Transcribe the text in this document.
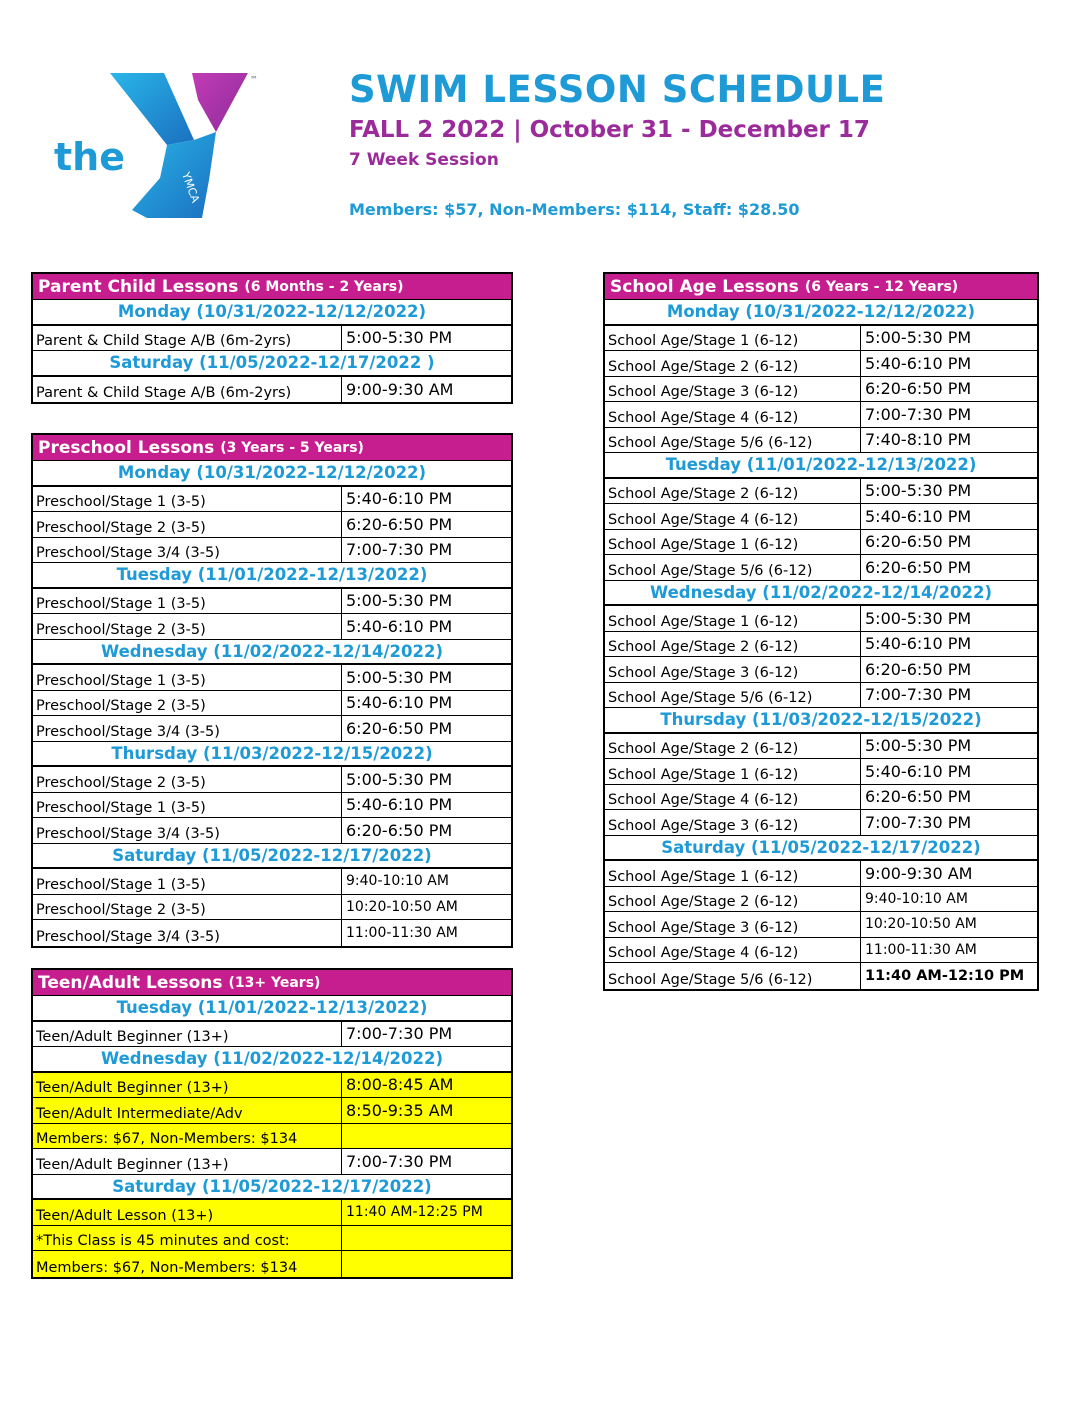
the
™
YMCA
SWIM LESSON SCHEDULE
FALL 2 2022 | October 31 - December 17
7 Week Session
Members: $57, Non-Members: $114, Staff: $28.50
Parent Child Lessons (6 Months - 2 Years)
Monday (10/31/2022-12/12/2022)
Parent & Child Stage A/B (6m-2yrs)	5:00-5:30 PM
Saturday (11/05/2022-12/17/2022 )
Parent & Child Stage A/B (6m-2yrs)	9:00-9:30 AM
Preschool Lessons (3 Years - 5 Years)
Monday (10/31/2022-12/12/2022)
Preschool/Stage 1 (3-5)	5:40-6:10 PM
Preschool/Stage 2 (3-5)	6:20-6:50 PM
Preschool/Stage 3/4 (3-5)	7:00-7:30 PM
Tuesday (11/01/2022-12/13/2022)
Preschool/Stage 1 (3-5)	5:00-5:30 PM
Preschool/Stage 2 (3-5)	5:40-6:10 PM
Wednesday (11/02/2022-12/14/2022)
Preschool/Stage 1 (3-5)	5:00-5:30 PM
Preschool/Stage 2 (3-5)	5:40-6:10 PM
Preschool/Stage 3/4 (3-5)	6:20-6:50 PM
Thursday (11/03/2022-12/15/2022)
Preschool/Stage 2 (3-5)	5:00-5:30 PM
Preschool/Stage 1 (3-5)	5:40-6:10 PM
Preschool/Stage 3/4 (3-5)	6:20-6:50 PM
Saturday (11/05/2022-12/17/2022)
Preschool/Stage 1 (3-5)	9:40-10:10 AM
Preschool/Stage 2 (3-5)	10:20-10:50 AM
Preschool/Stage 3/4 (3-5)	11:00-11:30 AM
Teen/Adult Lessons (13+ Years)
Tuesday (11/01/2022-12/13/2022)
Teen/Adult Beginner (13+)	7:00-7:30 PM
Wednesday (11/02/2022-12/14/2022)
Teen/Adult Beginner (13+)	8:00-8:45 AM
Teen/Adult Intermediate/Adv	8:50-9:35 AM
Members: $67, Non-Members: $134
Teen/Adult Beginner (13+)	7:00-7:30 PM
Saturday (11/05/2022-12/17/2022)
Teen/Adult Lesson (13+)	11:40 AM-12:25 PM
*This Class is 45 minutes and cost:
Members: $67, Non-Members: $134
School Age Lessons (6 Years - 12 Years)
Monday (10/31/2022-12/12/2022)
School Age/Stage 1 (6-12)	5:00-5:30 PM
School Age/Stage 2 (6-12)	5:40-6:10 PM
School Age/Stage 3 (6-12)	6:20-6:50 PM
School Age/Stage 4 (6-12)	7:00-7:30 PM
School Age/Stage 5/6 (6-12)	7:40-8:10 PM
Tuesday (11/01/2022-12/13/2022)
School Age/Stage 2 (6-12)	5:00-5:30 PM
School Age/Stage 4 (6-12)	5:40-6:10 PM
School Age/Stage 1 (6-12)	6:20-6:50 PM
School Age/Stage 5/6 (6-12)	6:20-6:50 PM
Wednesday (11/02/2022-12/14/2022)
School Age/Stage 1 (6-12)	5:00-5:30 PM
School Age/Stage 2 (6-12)	5:40-6:10 PM
School Age/Stage 3 (6-12)	6:20-6:50 PM
School Age/Stage 5/6 (6-12)	7:00-7:30 PM
Thursday (11/03/2022-12/15/2022)
School Age/Stage 2 (6-12)	5:00-5:30 PM
School Age/Stage 1 (6-12)	5:40-6:10 PM
School Age/Stage 4 (6-12)	6:20-6:50 PM
School Age/Stage 3 (6-12)	7:00-7:30 PM
Saturday (11/05/2022-12/17/2022)
School Age/Stage 1 (6-12)	9:00-9:30 AM
School Age/Stage 2 (6-12)	9:40-10:10 AM
School Age/Stage 3 (6-12)	10:20-10:50 AM
School Age/Stage 4 (6-12)	11:00-11:30 AM
School Age/Stage 5/6 (6-12)	11:40 AM-12:10 PM
